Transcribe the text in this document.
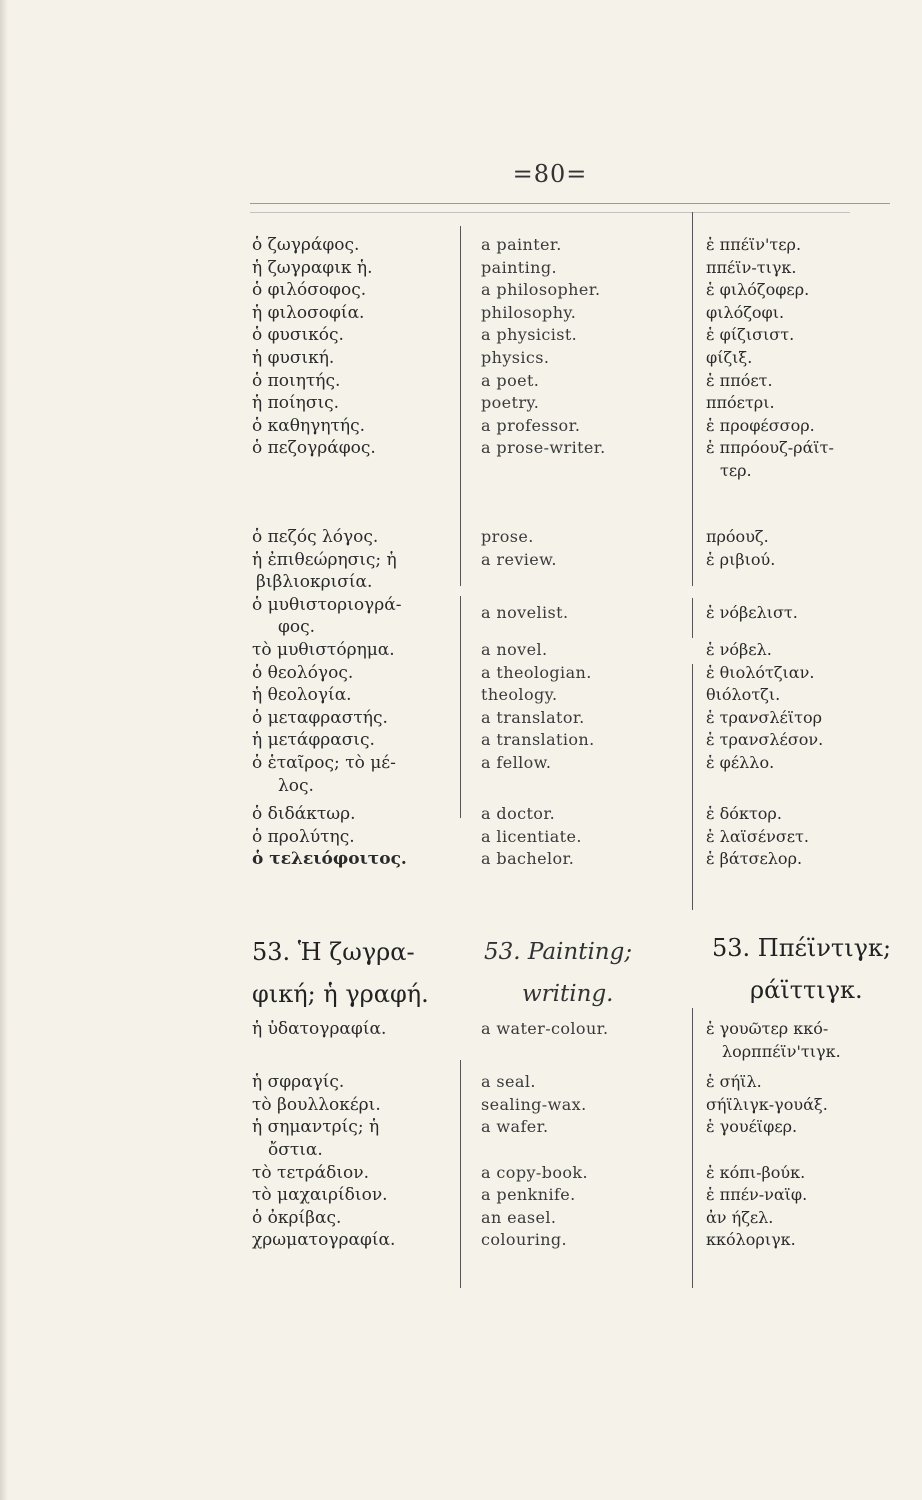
=80=
ὁ ζωγράφος.
ἡ ζωγραφικ ἡ.
ὁ φιλόσοφος.
ἡ φιλοσοφία.
ὁ φυσικός.
ἡ φυσική.
ὁ ποιητής.
ἡ ποίησις.
ὁ καθηγητής.
ὁ πεζογράφος.
a painter.
painting.
a philosopher.
philosophy.
a physicist.
physics.
a poet.
poetry.
a professor.
a prose-writer.
ἑ ππέϊν'τερ.
ππέϊν-τιγκ.
ἑ φιλόζοφερ.
φιλόζοφι.
ἑ φίζισιστ.
φίζιξ.
ἑ ππόετ.
ππόετρι.
ἑ προφέσσορ.
ἑ ππρόουζ-ράϊτ-
τερ.
ὁ πεζός λόγος.
ἡ ἐπιθεώρησις; ἡ
βιβλιοκρισία.
ὁ μυθιστοριογρά-
φος.
τὸ μυθιστόρημα.
ὁ θεολόγος.
ἡ θεολογία.
ὁ μεταφραστής.
ἡ μετάφρασις.
ὁ ἑταῖρος; τὸ μέ-
λος.
ὁ διδάκτωρ.
ὁ προλύτης.
ὁ τελειόφοιτος.
prose.
a review.

a novelist.

a novel.
a theologian.
theology.
a translator.
a translation.
a fellow.

a doctor.
a licentiate.
a bachelor.
πρόουζ.
ἑ ριβιού.

ἑ νόβελιστ.

ἑ νόβελ.
ἑ θιολότζιαν.
θιόλοτζι.
ἑ τρανσλέϊτορ
ἑ τρανσλέσον.
ἑ φέλλο.

ἑ δόκτορ.
ἑ λαϊσένσετ.
ἑ βάτσελορ.
53. Ἡ ζωγρα-
φική; ἡ γραφή.
53. Painting;
writing.
53. Ππέϊντιγκ;
ράϊττιγκ.
ἡ ὑδατογραφία.

ἡ σφραγίς.
τὸ βουλλοκέρι.
ἡ σημαντρίς; ἡ
ὄστια.
τὸ τετράδιον.
τὸ μαχαιρίδιον.
ὁ ὀκρίβας.
χρωματογραφία.
a water-colour.

a seal.
sealing-wax.
a wafer.

a copy-book.
a penknife.
an easel.
colouring.
ἑ γουῶτερ κκό-
λορππέϊν'τιγκ.
ἑ σήϊλ.
σήϊλιγκ-γουάξ.
ἑ γουέϊφερ.

ἑ κόπι-βούκ.
ἑ ππέν-ναϊφ.
ἀν ήζελ.
κκόλοριγκ.
